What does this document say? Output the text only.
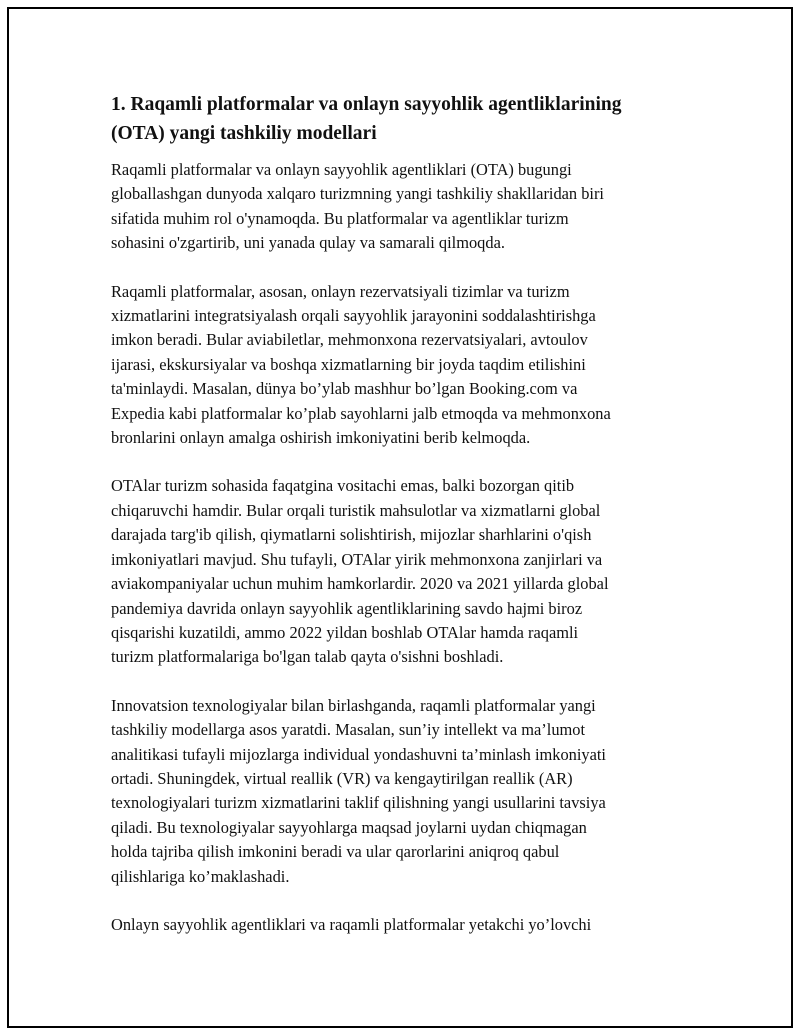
1. Raqamli platformalar va onlayn sayyohlik agentliklarining
(OTA) yangi tashkiliy modellari
Raqamli platformalar va onlayn sayyohlik agentliklari (OTA) bugungi
globallashgan dunyoda xalqaro turizmning yangi tashkiliy shakllaridan biri
sifatida muhim rol o'ynamoqda. Bu platformalar va agentliklar turizm
sohasini o'zgartirib, uni yanada qulay va samarali qilmoqda.
Raqamli platformalar, asosan, onlayn rezervatsiyali tizimlar va turizm
xizmatlarini integratsiyalash orqali sayyohlik jarayonini soddalashtirishga
imkon beradi. Bular aviabiletlar, mehmonxona rezervatsiyalari, avtoulov
ijarasi, ekskursiyalar va boshqa xizmatlarning bir joyda taqdim etilishini
ta'minlaydi. Masalan, dünya bo’ylab mashhur bo’lgan Booking.com va
Expedia kabi platformalar ko’plab sayohlarni jalb etmoqda va mehmonxona
bronlarini onlayn amalga oshirish imkoniyatini berib kelmoqda.
OTAlar turizm sohasida faqatgina vositachi emas, balki bozorgan qitib
chiqaruvchi hamdir. Bular orqali turistik mahsulotlar va xizmatlarni global
darajada targ'ib qilish, qiymatlarni solishtirish, mijozlar sharhlarini o'qish
imkoniyatlari mavjud. Shu tufayli, OTAlar yirik mehmonxona zanjirlari va
aviakompaniyalar uchun muhim hamkorlardir. 2020 va 2021 yillarda global
pandemiya davrida onlayn sayyohlik agentliklarining savdo hajmi biroz
qisqarishi kuzatildi, ammo 2022 yildan boshlab OTAlar hamda raqamli
turizm platformalariga bo'lgan talab qayta o'sishni boshladi.
Innovatsion texnologiyalar bilan birlashganda, raqamli platformalar yangi
tashkiliy modellarga asos yaratdi. Masalan, sun’iy intellekt va ma’lumot
analitikasi tufayli mijozlarga individual yondashuvni ta’minlash imkoniyati
ortadi. Shuningdek, virtual reallik (VR) va kengaytirilgan reallik (AR)
texnologiyalari turizm xizmatlarini taklif qilishning yangi usullarini tavsiya
qiladi. Bu texnologiyalar sayyohlarga maqsad joylarni uydan chiqmagan
holda tajriba qilish imkonini beradi va ular qarorlarini aniqroq qabul
qilishlariga ko’maklashadi.
Onlayn sayyohlik agentliklari va raqamli platformalar yetakchi yo’lovchi
